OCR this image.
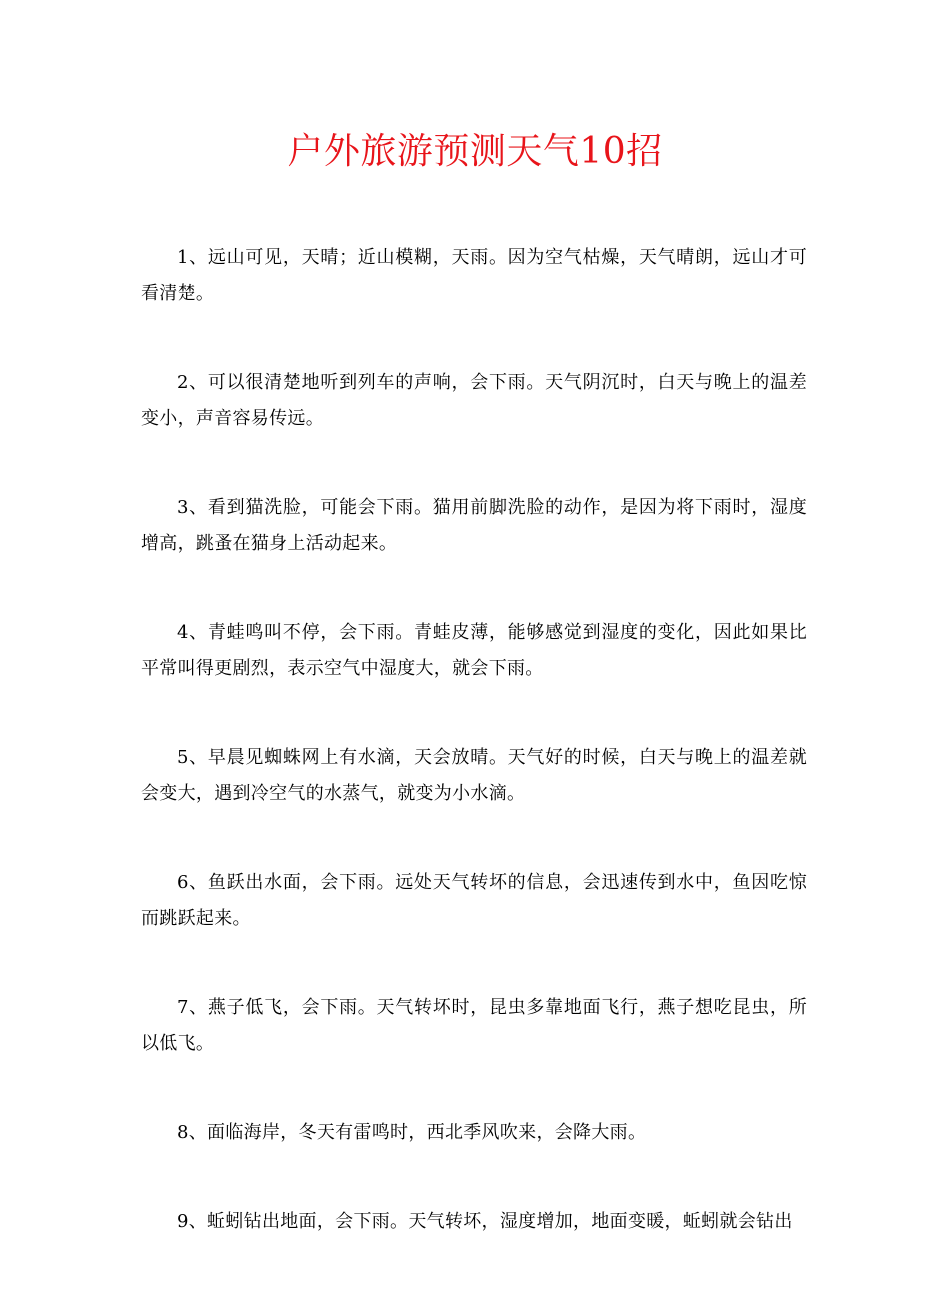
户外旅游预测天气10招

1、远山可见，天晴；近山模糊，天雨。因为空气枯燥，天气晴朗，远山才可看清楚。

2、可以很清楚地听到列车的声响，会下雨。天气阴沉时，白天与晚上的温差变小，声音容易传远。

3、看到猫洗脸，可能会下雨。猫用前脚洗脸的动作，是因为将下雨时，湿度增高，跳蚤在猫身上活动起来。

4、青蛙鸣叫不停，会下雨。青蛙皮薄，能够感觉到湿度的变化，因此如果比平常叫得更剧烈，表示空气中湿度大，就会下雨。

5、早晨见蜘蛛网上有水滴，天会放晴。天气好的时候，白天与晚上的温差就会变大，遇到冷空气的水蒸气，就变为小水滴。

6、鱼跃出水面，会下雨。远处天气转坏的信息，会迅速传到水中，鱼因吃惊而跳跃起来。

7、燕子低飞，会下雨。天气转坏时，昆虫多靠地面飞行，燕子想吃昆虫，所以低飞。

8、面临海岸，冬天有雷鸣时，西北季风吹来，会降大雨。

9、蚯蚓钻出地面，会下雨。天气转坏，湿度增加，地面变暖，蚯蚓就会钻出
